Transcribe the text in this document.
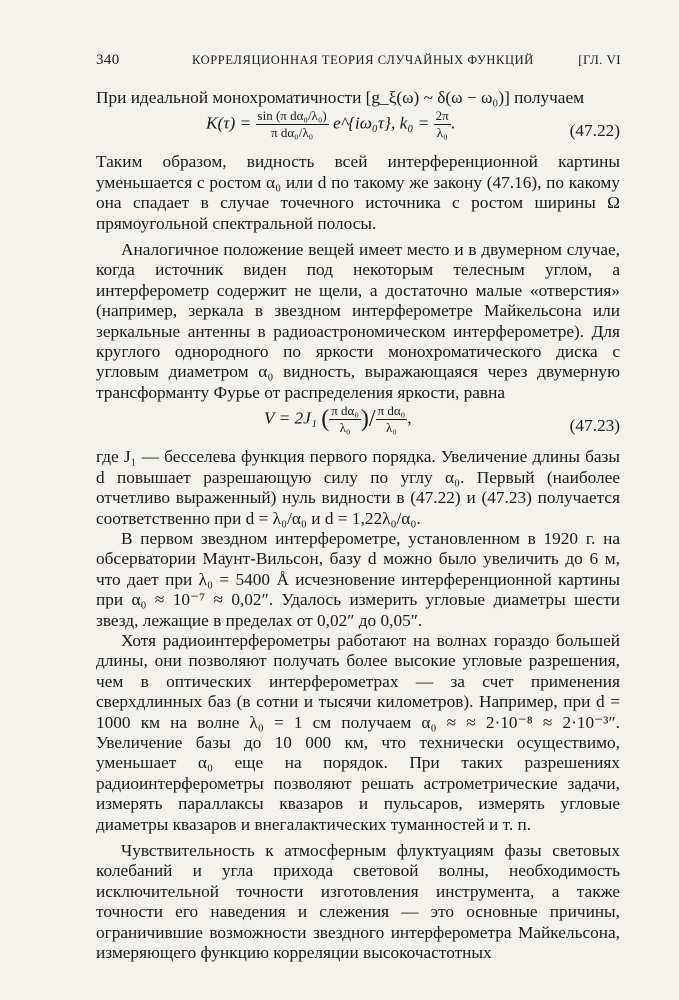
340	КОРРЕЛЯЦИОННАЯ ТЕОРИЯ СЛУЧАЙНЫХ ФУНКЦИЙ	[ГЛ. VI

При идеальной монохроматичности [g_ξ(ω) ~ δ(ω − ω₀)] получаем

$K(\tau) = \frac{\text{sin (π dα₀/λ₀)}}{\text{π dα₀/λ₀}}$ e^{iω₀τ}, $k_0 = \frac{2\pi}{\text{λ₀}}$ .	(47.22)

Таким образом, видность всей интерференционной картины уменьшается с ростом α₀ или d по такому же закону (47.16), по какому она спадает в случае точечного источника с ростом ширины Ω прямоугольной спектральной полосы.

Аналогичное положение вещей имеет место и в двумерном случае, когда источник виден под некоторым телесным углом, а интерферометр содержит не щели, а достаточно малые «отверстия» (например, зеркала в звездном интерферометре Майкельсона или зеркальные антенны в радиоастрономическом интерферометре). Для круглого однородного по яркости монохроматического диска с угловым диаметром α₀ видность, выражающаяся через двумерную трансформанту Фурье от распределения яркости, равна

V = 2J₁ ( $\frac{\text{π dα₀}}{\text{λ₀}}$ )/ $\frac{\text{π dα₀}}{\text{λ₀}}$ ,	(47.23)

где J₁ — бесселева функция первого порядка. Увеличение длины базы d повышает разрешающую силу по углу α₀. Первый (наиболее отчетливо выраженный) нуль видности в (47.22) и (47.23) получается соответственно при d = λ₀/α₀ и d = 1,22λ₀/α₀.

В первом звездном интерферометре, установленном в 1920 г. на обсерватории Маунт-Вильсон, базу d можно было увеличить до 6 м, что дает при λ₀ = 5400 Å исчезновение интерференционной картины при α₀ ≈ 10⁻⁷ ≈ 0,02″. Удалось измерить угловые диаметры шести звезд, лежащие в пределах от 0,02″ до 0,05″.

Хотя радиоинтерферометры работают на волнах гораздо большей длины, они позволяют получать более высокие угловые разрешения, чем в оптических интерферометрах — за счет применения сверхдлинных баз (в сотни и тысячи километров). Например, при d = 1000 км на волне λ₀ = 1 см получаем α₀ ≈ ≈ 2·10⁻⁸ ≈ 2·10⁻³″. Увеличение базы до 10 000 км, что технически осуществимо, уменьшает α₀ еще на порядок. При таких разрешениях радиоинтерферометры позволяют решать астрометрические задачи, измерять параллаксы квазаров и пульсаров, измерять угловые диаметры квазаров и внегалактических туманностей и т. п.

Чувствительность к атмосферным флуктуациям фазы световых колебаний и угла прихода световой волны, необходимость исключительной точности изготовления инструмента, а также точности его наведения и слежения — это основные причины, ограничившие возможности звездного интерферометра Майкельсона, измеряющего функцию корреляции высокочастотных
